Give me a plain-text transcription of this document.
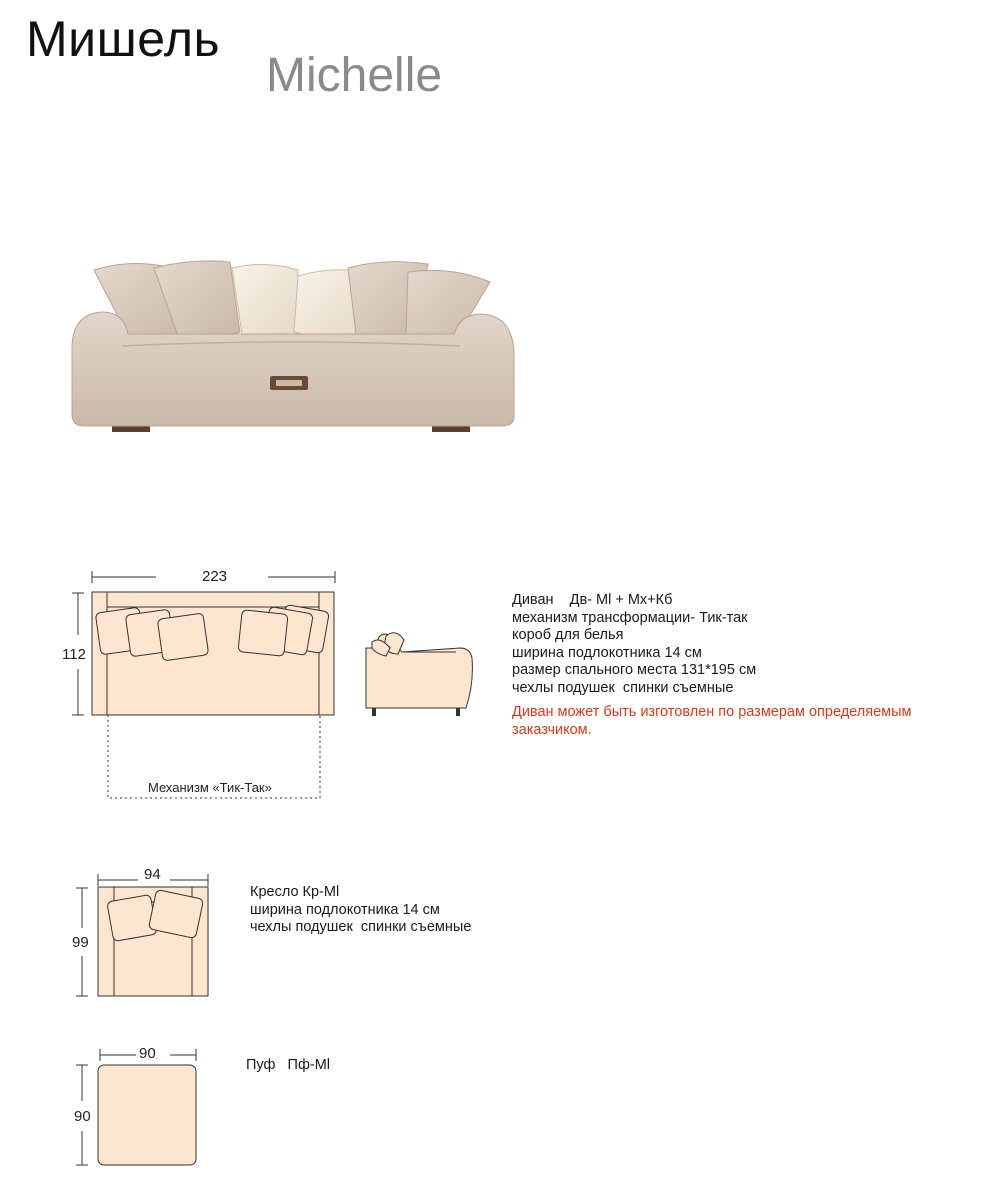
Мишель
Michelle
223
112
Механизм «Тик-Так»
Диван    Дв- Ml + Мх+Кб
механизм трансформации- Тик-так
короб для белья
ширина подлокотника 14 см
размер спального места 131*195 см
чехлы подушек  спинки съемные
Диван может быть изготовлен по размерам определяемым заказчиком.
94
99
Кресло Кр-Ml
ширина подлокотника 14 см
чехлы подушек  спинки съемные
90
90
Пуф   Пф-Ml
